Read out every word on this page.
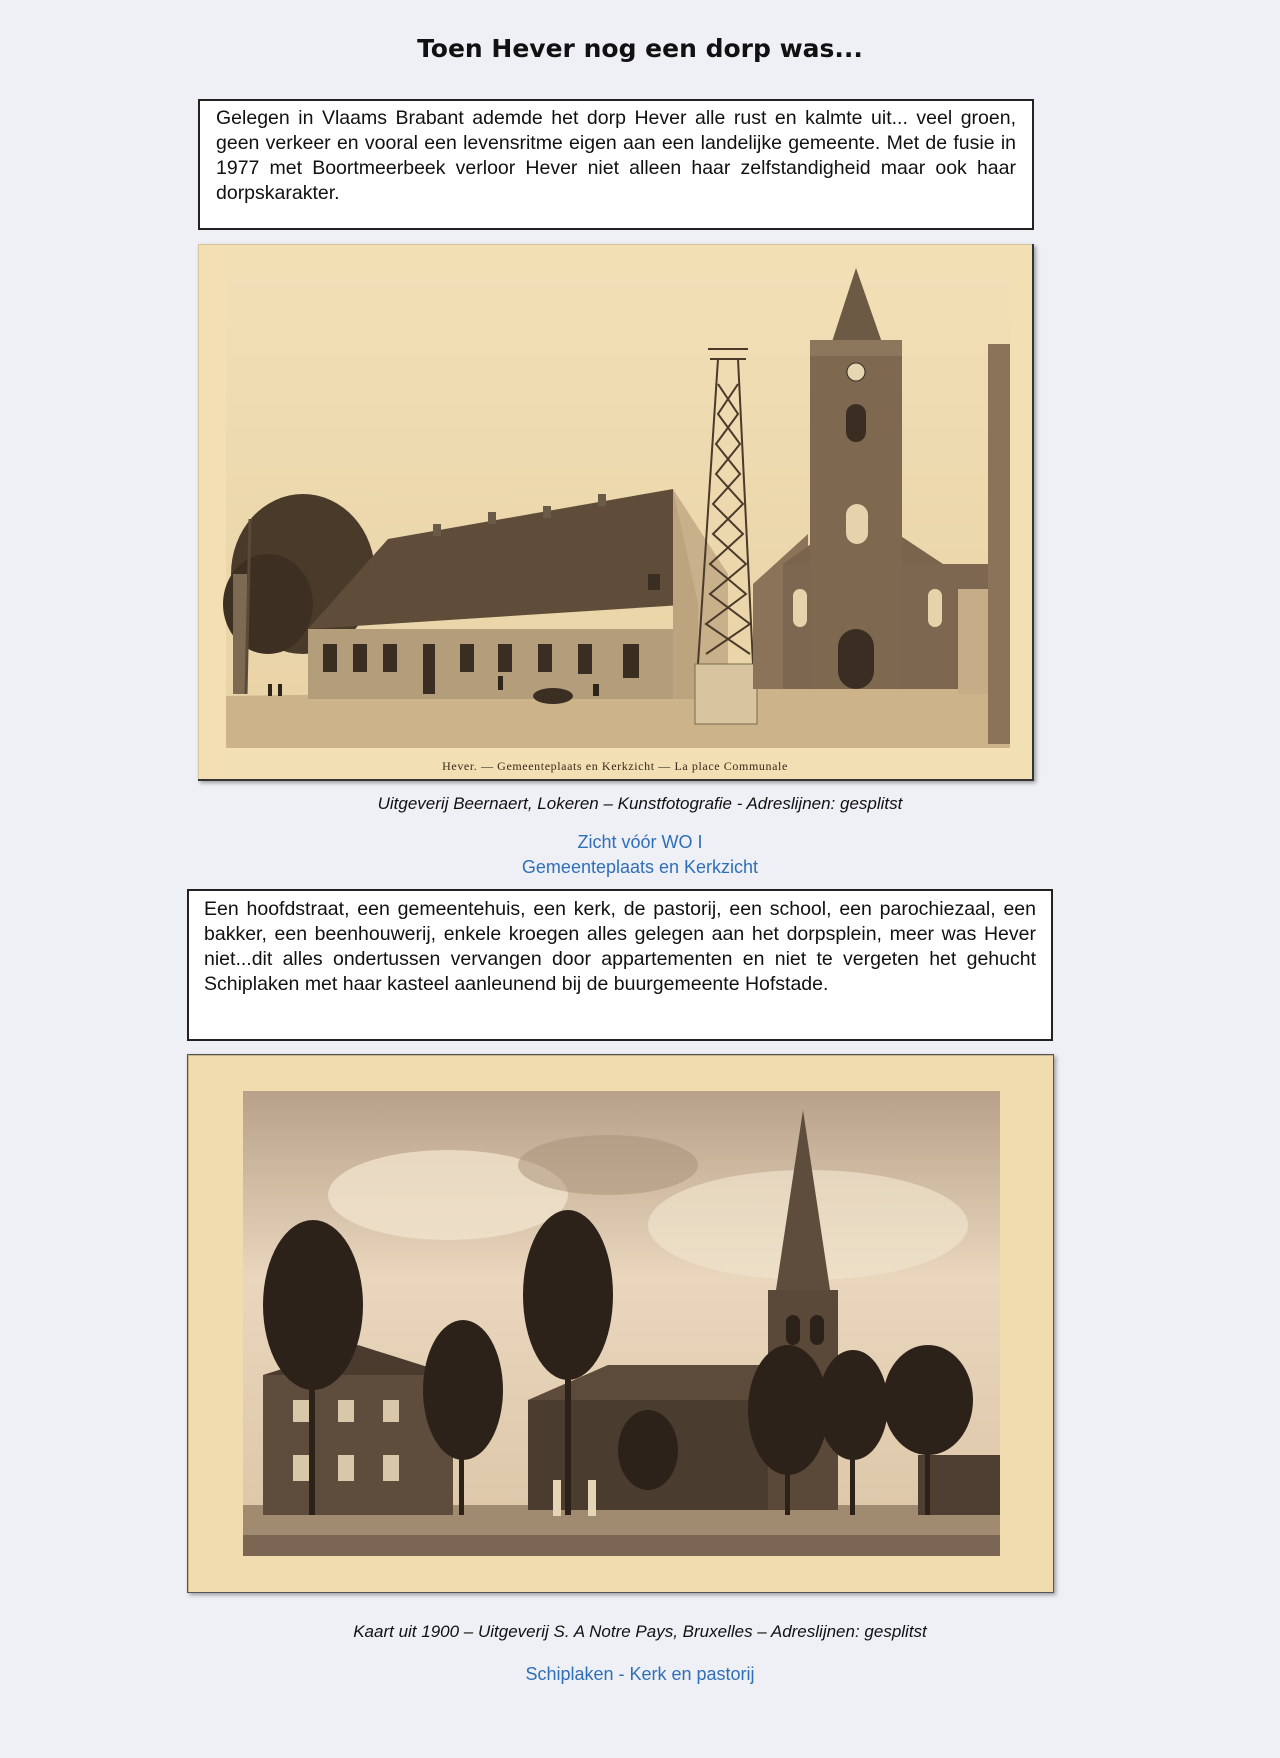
Toen Hever nog een dorp was...
Gelegen in Vlaams Brabant ademde het dorp Hever alle rust en kalmte uit... veel groen, geen verkeer en vooral een levensritme eigen aan een landelijke gemeente. Met de fusie in 1977 met Boortmeerbeek verloor Hever niet alleen haar zelfstandigheid maar ook haar dorpskarakter.
Hever. — Gemeenteplaats en Kerkzicht — La place Communale
Uitgeverij Beernaert, Lokeren – Kunstfotografie - Adreslijnen: gesplitst
Zicht vóór WO I
Gemeenteplaats en Kerkzicht
Een hoofdstraat, een gemeentehuis, een kerk, de pastorij, een school, een parochiezaal, een bakker, een beenhouwerij, enkele kroegen alles gelegen aan het dorpsplein, meer was Hever niet...dit alles ondertussen vervangen door appartementen en niet te vergeten het gehucht Schiplaken met haar kasteel aanleunend bij de buurgemeente Hofstade.
Kaart uit 1900 – Uitgeverij S. A Notre Pays, Bruxelles – Adreslijnen: gesplitst
Schiplaken - Kerk en pastorij
